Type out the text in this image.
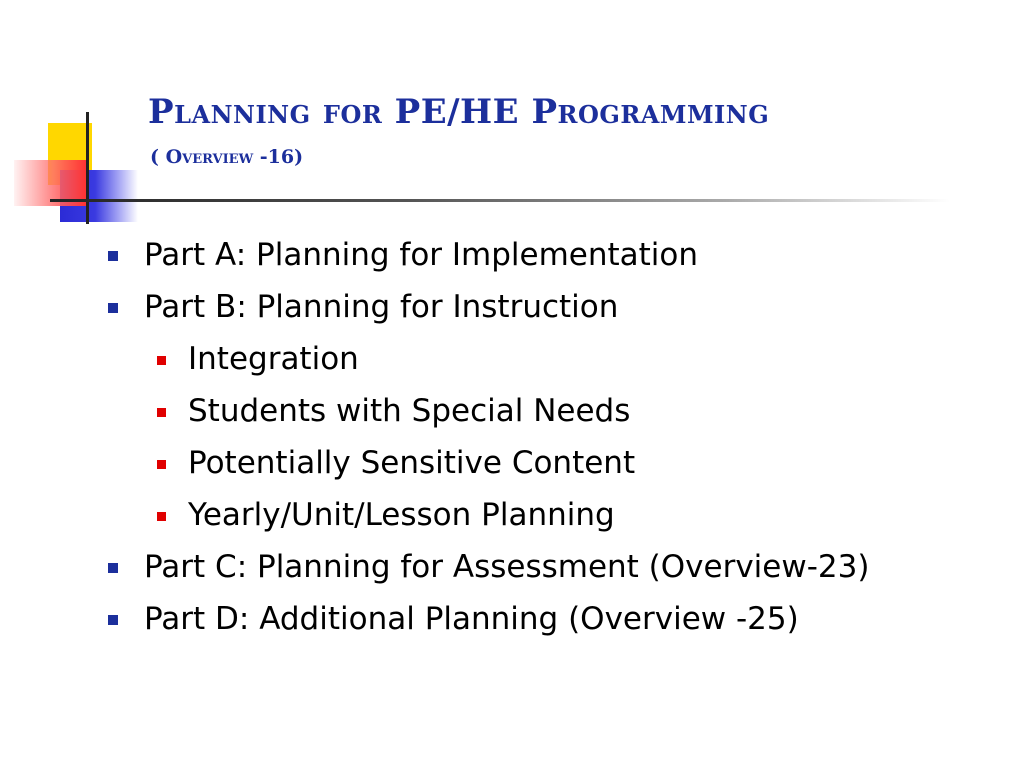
Planning for PE/HE Programming
( Overview -16)
Part A: Planning for Implementation
Part B: Planning for Instruction
Integration
Students with Special Needs
Potentially Sensitive Content
Yearly/Unit/Lesson Planning
Part C: Planning for Assessment (Overview-23)
Part D: Additional Planning (Overview -25)
